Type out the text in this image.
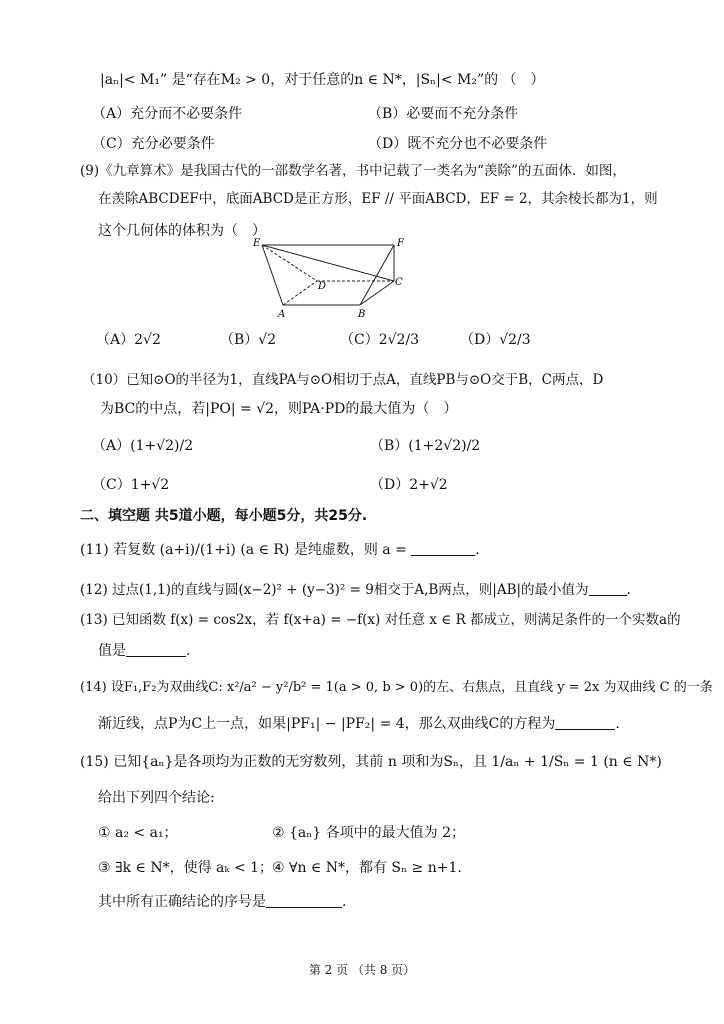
|aₙ|< M₁” 是“存在M₂ > 0，对于任意的n ∈ N*，|Sₙ|< M₂”的 （　）
（A）充分而不必要条件	（B）必要而不充分条件
（C）充分必要条件	（D）既不充分也不必要条件
(9)《九章算术》是我国古代的一部数学名著，书中记载了一类名为“羡除”的五面体．如图，
在羡除ABCDEF中，底面ABCD是正方形，EF // 平面ABCD，EF = 2，其余棱长都为1，则
这个几何体的体积为（　）
E	F
D	C
A	B
（A）2√2	（B）√2	（C）2√2/3	（D）√2/3
（10）已知⊙O的半径为1，直线PA与⊙O相切于点A，直线PB与⊙O交于B，C两点，D
为BC的中点，若|PO| = √2，则PA·PD的最大值为（　）
（A）(1+√2)/2	（B）(1+2√2)/2
（C）1+√2	（D）2+√2
二、填空题 共5道小题，每小题5分，共25分.
(11) 若复数 (a+i)/(1+i) (a ∈ R) 是纯虚数，则 a =	.
(12) 过点(1,1)的直线与圆(x−2)² + (y−3)² = 9相交于A,B两点，则|AB|的最小值为	.
(13) 已知函数 f(x) = cos2x，若 f(x+a) = −f(x) 对任意 x ∈ R 都成立，则满足条件的一个实数a的
值是	.
(14) 设F₁,F₂为双曲线C: x²/a² − y²/b² = 1(a > 0, b > 0)的左、右焦点，且直线 y = 2x 为双曲线 C 的一条
渐近线，点P为C上一点，如果|PF₁| − |PF₂| = 4，那么双曲线C的方程为	.
(15) 已知{aₙ}是各项均为正数的无穷数列，其前 n 项和为Sₙ，且 1/aₙ + 1/Sₙ = 1 (n ∈ N*)
给出下列四个结论:
① a₂ < a₁；	② {aₙ} 各项中的最大值为 2；
③ ∃k ∈ N*，使得 aₖ < 1；
④ ∀n ∈ N*，都有 Sₙ ≥ n+1.
其中所有正确结论的序号是	.
第 2 页 （共 8 页）
